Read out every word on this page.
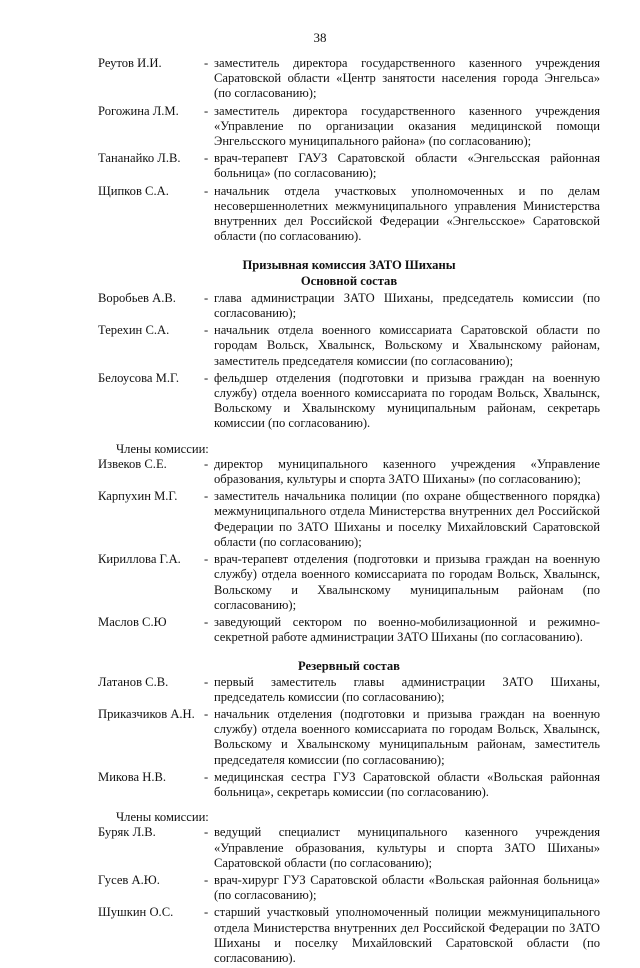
38
Реутов И.И.	- заместитель директора государственного казенного учреждения Саратовской области «Центр занятости населения города Энгельса» (по согласованию);
Рогожина Л.М.	- заместитель директора государственного казенного учреждения «Управление по организации оказания медицинской помощи Энгельсского муниципального района» (по согласованию);
Тананайко Л.В.	- врач-терапевт ГАУЗ Саратовской области «Энгельсская районная больница» (по согласованию);
Щипков С.А.	- начальник отдела участковых уполномоченных и по делам несовершеннолетних межмуниципального управления Министерства внутренних дел Российской Федерации «Энгельсское» Саратовской области (по согласованию).

Призывная комиссия ЗАТО Шиханы

Основной состав

Воробьев А.В.	- глава администрации ЗАТО Шиханы, председатель комиссии (по согласованию);
Терехин С.А.	- начальник отдела военного комиссариата Саратовской области по городам Вольск, Хвалынск, Вольскому и Хвалынскому районам, заместитель председателя комиссии (по согласованию);
Белоусова М.Г.	- фельдшер отделения (подготовки и призыва граждан на военную службу) отдела военного комиссариата по городам Вольск, Хвалынск, Вольскому и Хвалынскому муниципальным районам, секретарь комиссии (по согласованию).
Члены комиссии:
Извеков С.Е.	- директор муниципального казенного учреждения «Управление образования, культуры и спорта ЗАТО Шиханы» (по согласованию);
Карпухин М.Г.	- заместитель начальника полиции (по охране общественного порядка) межмуниципального отдела Министерства внутренних дел Российской Федерации по ЗАТО Шиханы и поселку Михайловский Саратовской области (по согласованию);
Кириллова Г.А.	- врач-терапевт отделения (подготовки и призыва граждан на военную службу) отдела военного комиссариата по городам Вольск, Хвалынск, Вольскому и Хвалынскому муниципальным районам (по согласованию);
Маслов С.Ю	- заведующий сектором по военно-мобилизационной и режимно-секретной работе администрации ЗАТО Шиханы (по согласованию).

Резервный состав

Латанов С.В.	- первый заместитель главы администрации ЗАТО Шиханы, председатель комиссии (по согласованию);
Приказчиков А.Н. - начальник отделения (подготовки и призыва граждан на военную службу) отдела военного комиссариата по городам Вольск, Хвалынск, Вольскому и Хвалынскому муниципальным районам, заместитель председателя комиссии (по согласованию);
Микова Н.В.	- медицинская сестра ГУЗ Саратовской области «Вольская районная больница», секретарь комиссии (по согласованию).
Члены комиссии:
Буряк Л.В.	- ведущий специалист муниципального казенного учреждения «Управление образования, культуры и спорта ЗАТО Шиханы» Саратовской области (по согласованию);
Гусев А.Ю.	- врач-хирург ГУЗ Саратовской области «Вольская районная больница» (по согласованию);
Шушкин О.С.	- старший участковый уполномоченный полиции межмуниципального отдела Министерства внутренних дел Российской Федерации по ЗАТО Шиханы и поселку Михайловский Саратовской области (по согласованию).
